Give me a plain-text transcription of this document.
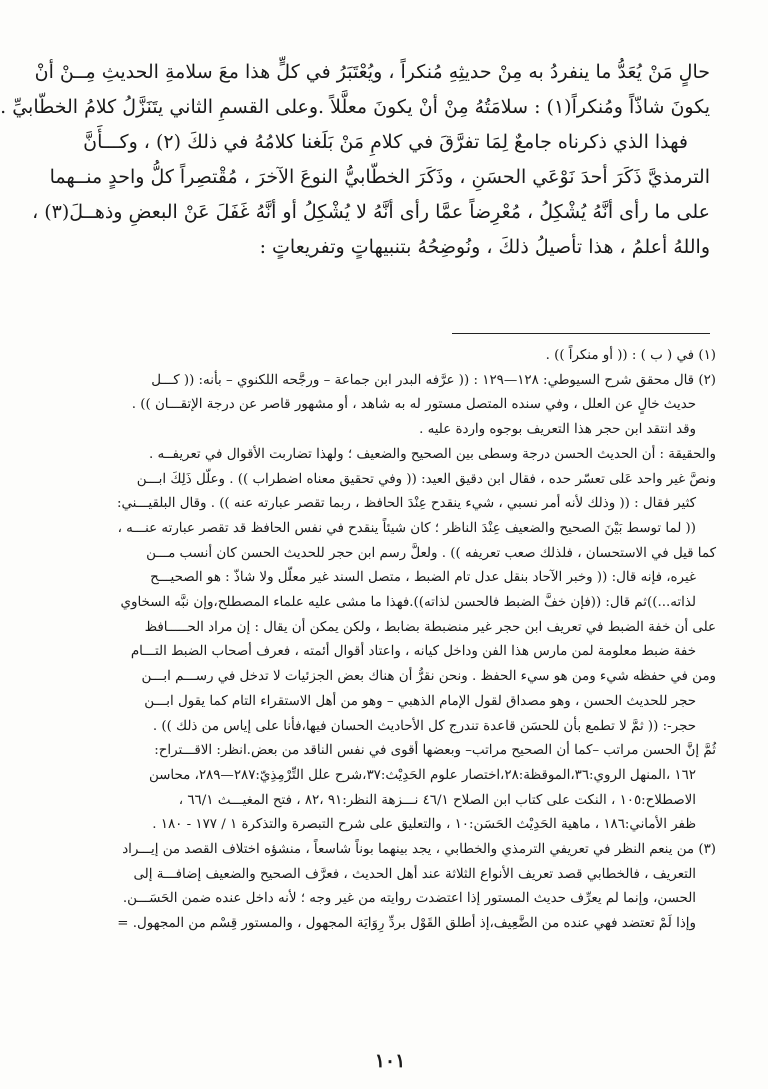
حالٍ مَنْ يُعَدُّ ما ينفردُ به مِنْ حديثِهِ مُنكراً ، ويُعْتَبَرُ في كلٍّ هذا معَ سلامةِ الحديثِ مِــنْ أنْ

يكونَ شاذّاً ومُنكراً(١) : سلامَتُهُ مِنْ أنْ يكونَ معلَّلاً .وعلى القسمِ الثاني يتَنَزَّلُ كلامُ الخطّابيِّ .

فهذا الذي ذكرناه جامعٌ لِمَا تفرَّقَ في كلامِ مَنْ بَلَغنا كلامُهُ في ذلكَ (٢) ، وكـــأَنَّ

الترمذيَّ ذَكَرَ أحدَ نَوْعَي الحسَنِ ، وذَكَرَ الخطّابيُّ النوعَ الآخرَ ، مُقْتصِراً كلُّ واحدٍ منــهما

على ما رأى أنَّهُ يُشْكِلُ ، مُعْرِضاً عمَّا رأى أنَّهُ لا يُشْكِلُ أو أنَّهُ غَفَلَ عَنْ البعضِ وذهــلَ(٣) ،

واللهُ أعلمُ ، هذا تأصيلُ ذلكَ ، ونُوضِحُهُ بتنبيهاتٍ وتفريعاتٍ :

(١) في ( ب ) : (( أو منكراً )) .

(٢) قال محقق شرح السيوطي: ١٢٨—١٢٩ : (( عرَّفه البدر ابن جماعة – ورجَّحه اللكنوي – بأنه: (( كـــل

حديث خالٍ عن العلل ، وفي سنده المتصل مستور له به شاهد ، أو مشهور قاصر عن درجة الإتقـــان )) .

وقد انتقد ابن حجر هذا التعريف بوجوه واردة عليه .

والحقيقة : أن الحديث الحسن درجة وسطى بين الصحيح والضعيف ؛ ولهذا تضاربت الأقوال في تعريفــه .

ونصَّ غير واحد عَلى تعسّر حده ، فقال ابن دقيق العيد: (( وفي تحقيق معناه اضطراب )) . وعلّل ذَلِكَ ابـــن

كثير فقال : (( وذلك لأنه أمر نسبي ، شيء ينقدح عِنْدَ الحافظ ، ربما تقصر عبارته عنه )) . وقال البلقيـــني:

(( لما توسط بَيْنَ الصحيح والضعيف عِنْدَ الناظر ؛ كان شيئاً ينقدح في نفس الحافظ قد تقصر عبارته عنـــه ،

كما قيل في الاستحسان ، فلذلك صعب تعريفه )) . ولعلَّ رسم ابن حجر للحديث الحسن كان أنسب مـــن

غيره، فإنه قال: (( وخبر الآحاد بنقل عدل تام الضبط ، متصل السند غير معلّل ولا شاذّ : هو الصحيـــح

لذاته...))ثم قال: ((فإن خفَّ الضبط فالحسن لذاته)).فهذا ما مشى عليه علماء المصطلح،وإن نبَّه السخاوي

على أن خفة الضبط في تعريف ابن حجر غير منضبطة بضابط ، ولكن يمكن أن يقال : إن مراد الحـــــافظ

خفة ضبط معلومة لمن مارس هذا الفن وداخل كيانه ، واعتاد أقوال أئمته ، فعرف أصحاب الضبط التـــام

ومن في حفظه شيء ومن هو سيء الحفظ . ونحن نقرُّ أن هناك بعض الجزئيات لا تدخل في رســـم ابـــن

حجر للحديث الحسن ، وهو مصداق لقول الإمام الذهبي – وهو من أهل الاستقراء التام كما يقول ابـــن

حجر-: (( ثمَّ لا تطمع بأن للحسَن قاعدة تندرج كل الأحاديث الحسان فيها،فأنا على إياس من ذلك )) .

ثُمَّ إنَّ الحسن مراتب –كما أن الصحيح مراتب– وبعضها أقوى في نفس الناقد من بعض.انظر: الاقـــتراح:

١٦٢ ،المنهل الروي:٣٦،الموقظة:٢٨،اختصار علوم الحَدِيْث:٣٧،شرح علل التِّرْمِذِيّ:٢٨٧—٢٨٩، محاسن

الاصطلاح:١٠٥ ، النكت على كتاب ابن الصلاح ٤٦/١ نـــزهة النظر:٩١ ،٨٢ ، فتح المغيـــث ٦٦/١ ،

ظفر الأماني:١٨٦ ، ماهية الحَدِيْث الحَسَن:١٠ ، والتعليق على شرح التبصرة والتذكرة ١ / ١٧٧ - ١٨٠ .

(٣) من ينعم النظر في تعريفي الترمذي والخطابي ، يجد بينهما بوناً شاسعاً ، منشؤه اختلاف القصد من إيـــراد

التعريف ، فالخطابي قصد تعريف الأنواع الثلاثة عند أهل الحديث ، فعرَّف الصحيح والضعيف إضافـــة إلى

الحسن، وإنما لم يعرِّف حديث المستور إذا اعتضدت روايته من غير وجه ؛ لأنه داخل عنده ضمن الحَسَـــن.

وإذا لَمْ تعتضد فهي عنده من الضَّعِيف،إذ أطلق القَوْل بردِّ رِوَايَة المجهول ، والمستور قِسْم من المجهول. =

١٠١
